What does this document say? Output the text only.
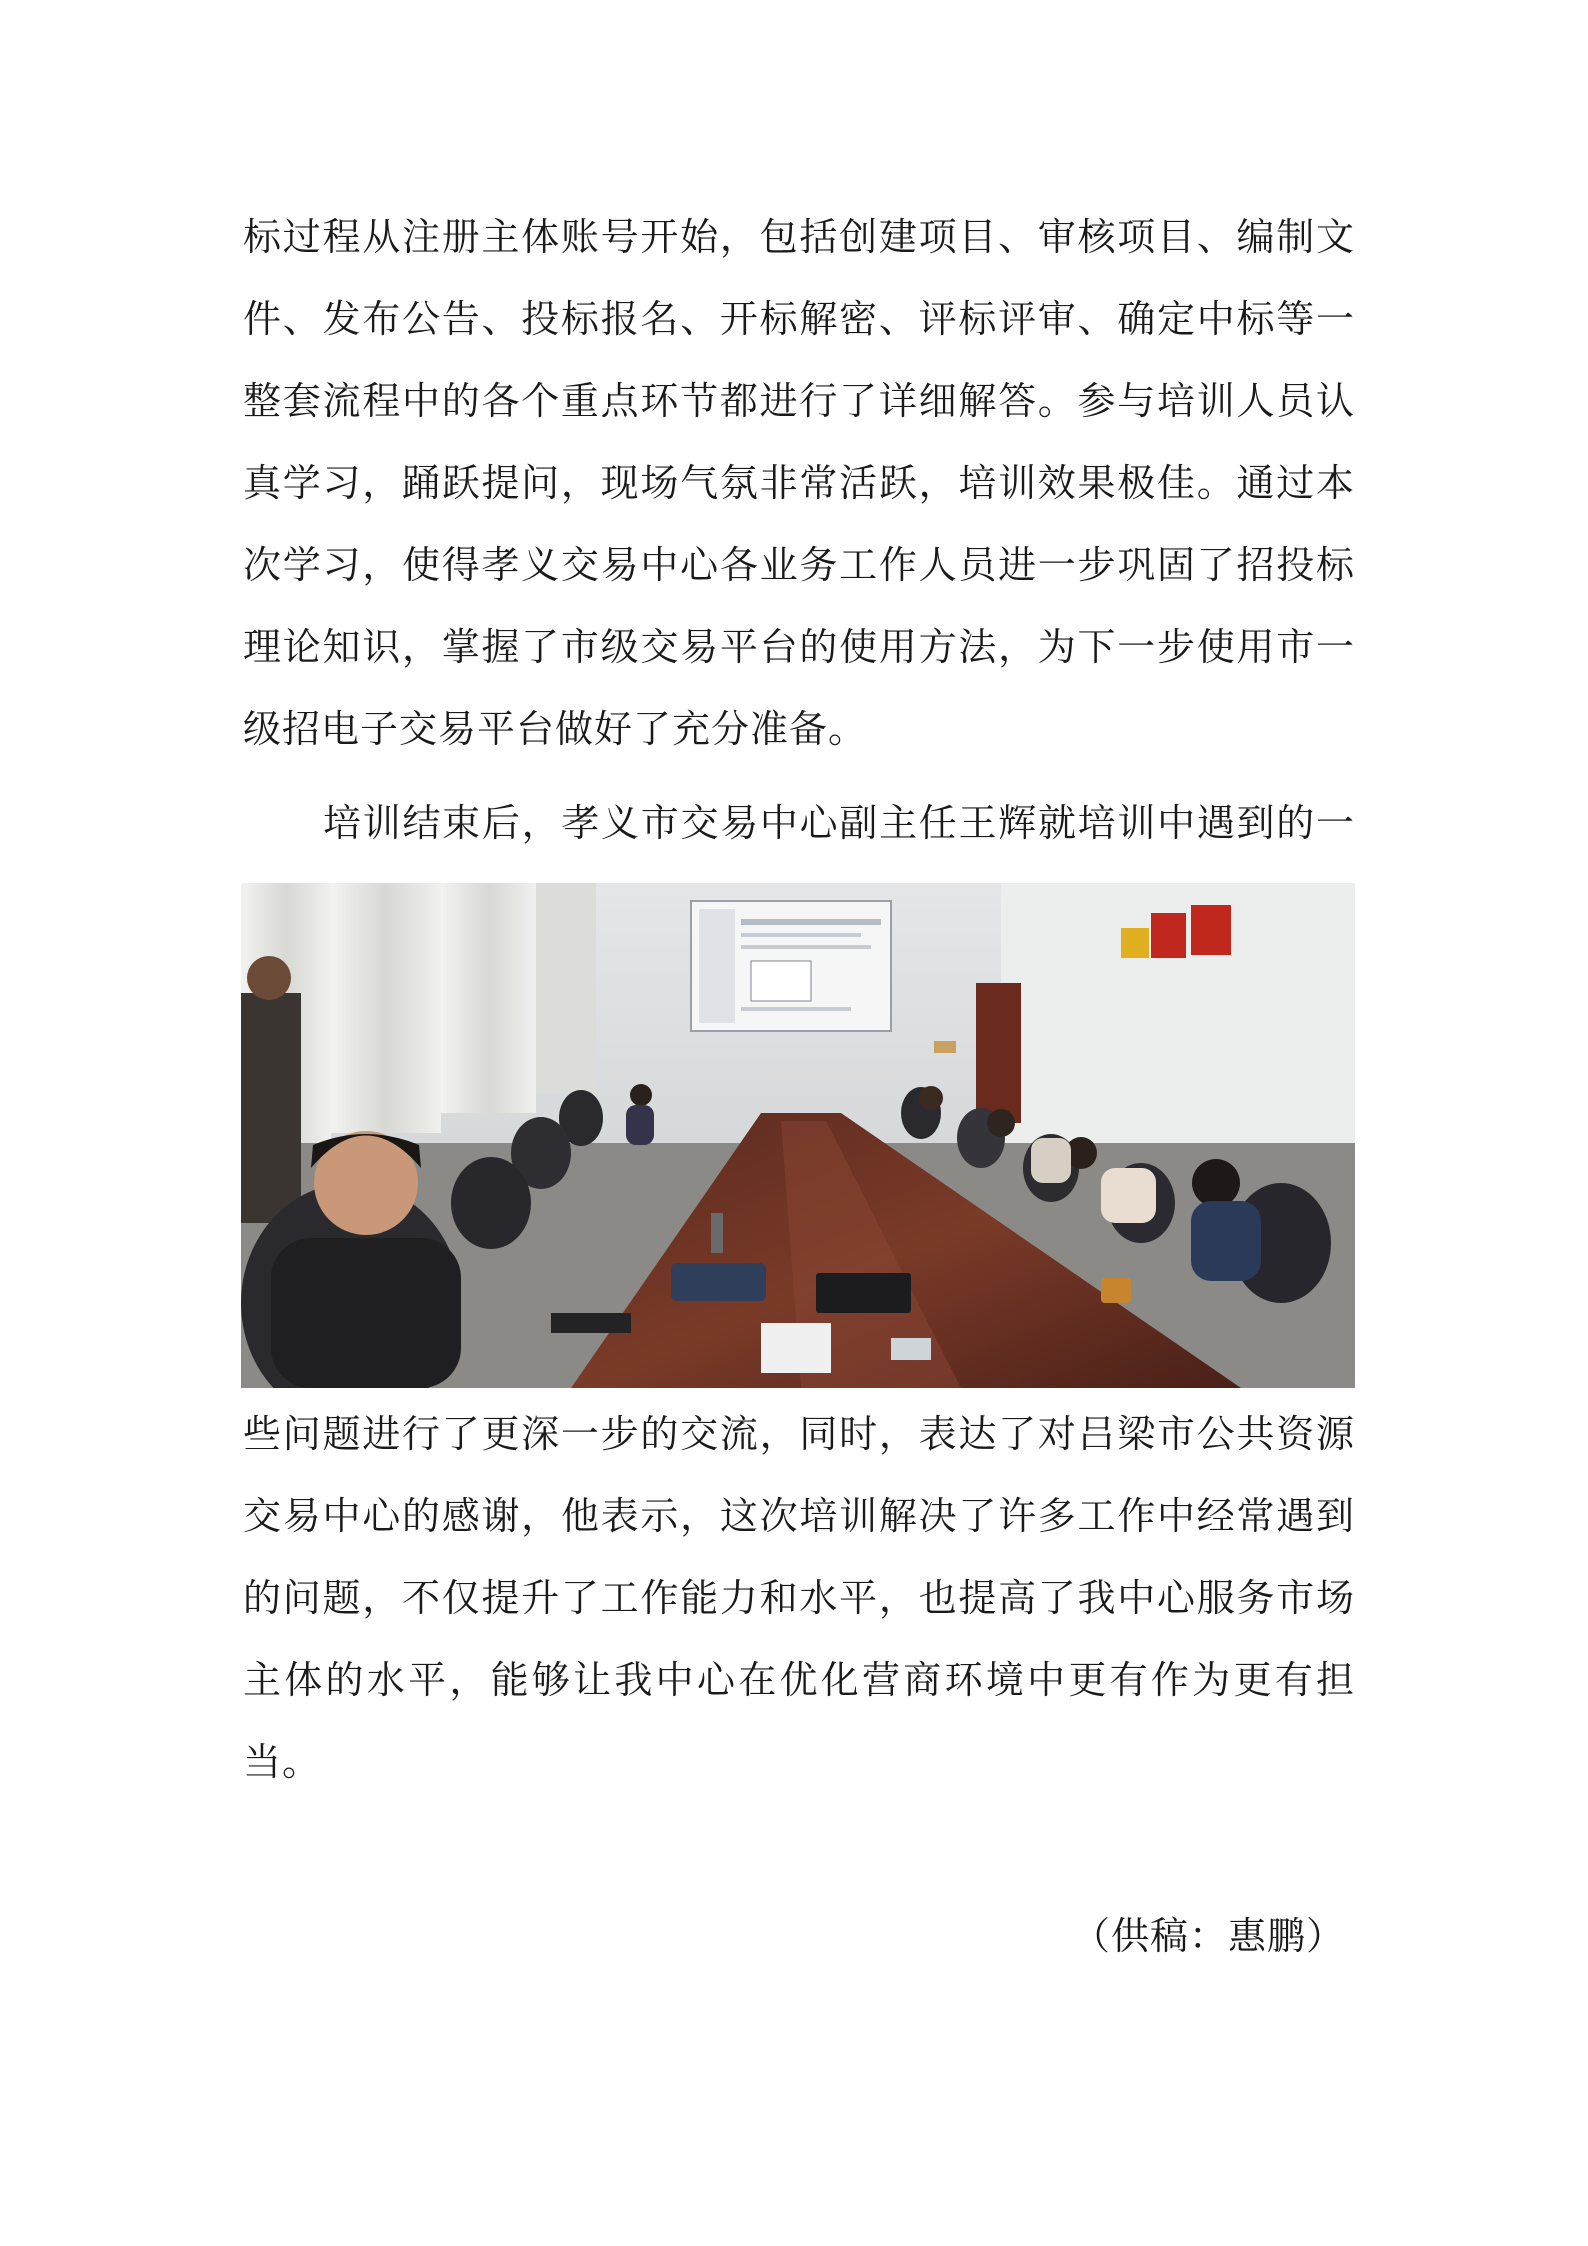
标过程从注册主体账号开始，包括创建项目、审核项目、编制文
件、发布公告、投标报名、开标解密、评标评审、确定中标等一
整套流程中的各个重点环节都进行了详细解答。参与培训人员认
真学习，踊跃提问，现场气氛非常活跃，培训效果极佳。通过本
次学习，使得孝义交易中心各业务工作人员进一步巩固了招投标
理论知识，掌握了市级交易平台的使用方法，为下一步使用市一
级招电子交易平台做好了充分准备。
培训结束后，孝义市交易中心副主任王辉就培训中遇到的一
些问题进行了更深一步的交流，同时，表达了对吕梁市公共资源
交易中心的感谢，他表示，这次培训解决了许多工作中经常遇到
的问题，不仅提升了工作能力和水平，也提高了我中心服务市场
主体的水平，能够让我中心在优化营商环境中更有作为更有担
当。
（供稿：惠鹏）
